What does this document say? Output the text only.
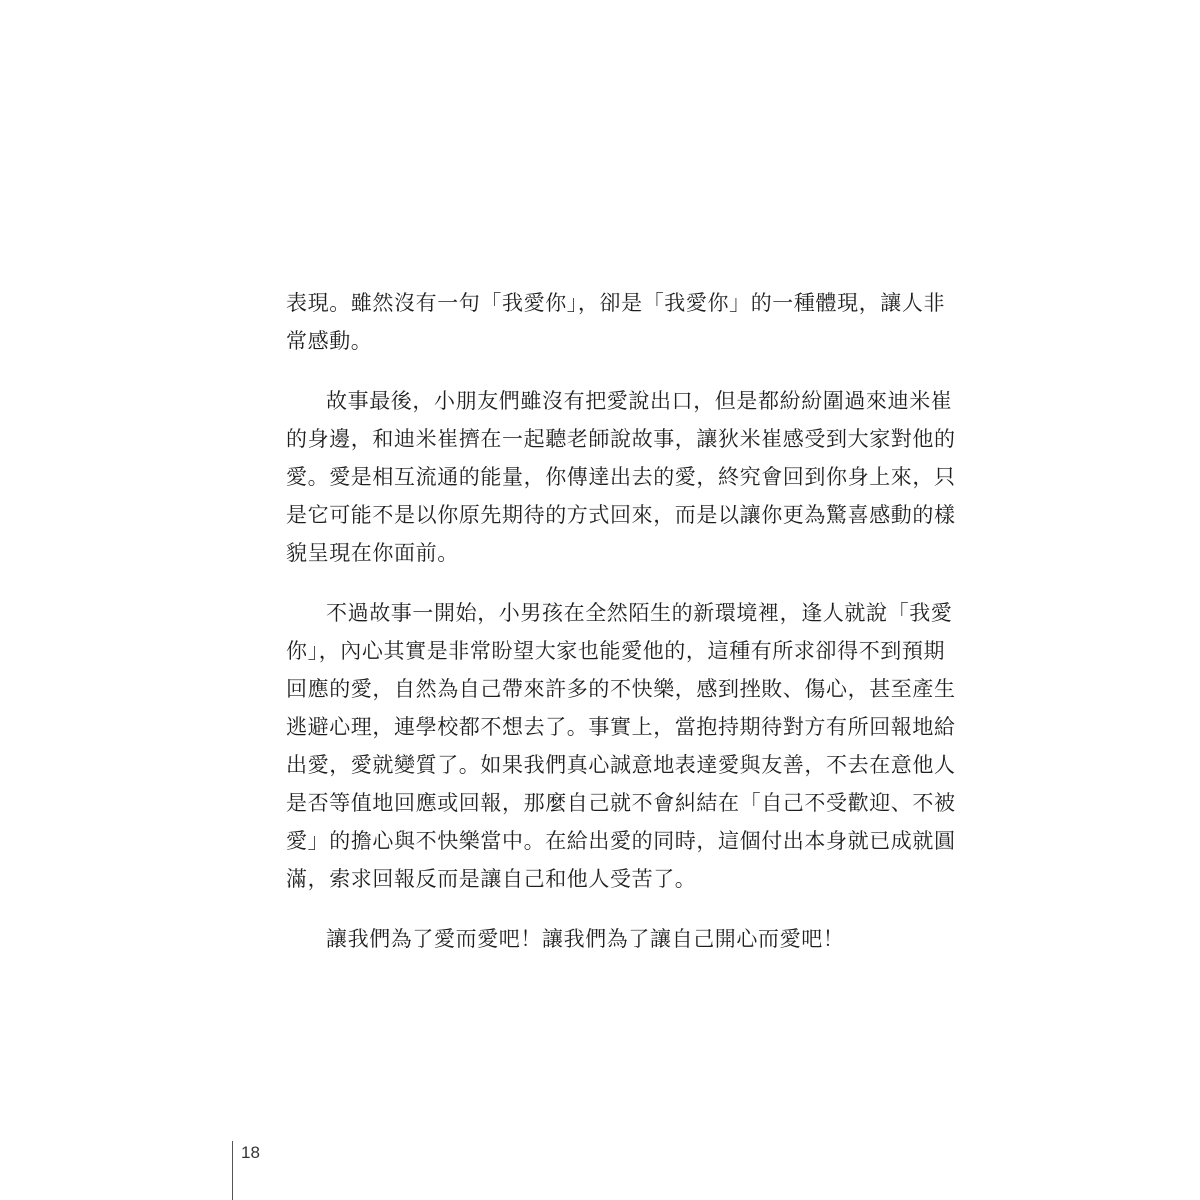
表現。雖然沒有一句「我愛你」，卻是「我愛你」的一種體現，讓人非
常感動。
故事最後，小朋友們雖沒有把愛說出口，但是都紛紛圍過來迪米崔
的身邊，和迪米崔擠在一起聽老師說故事，讓狄米崔感受到大家對他的
愛。愛是相互流通的能量，你傳達出去的愛，終究會回到你身上來，只
是它可能不是以你原先期待的方式回來，而是以讓你更為驚喜感動的樣
貌呈現在你面前。
不過故事一開始，小男孩在全然陌生的新環境裡，逢人就說「我愛
你」，內心其實是非常盼望大家也能愛他的，這種有所求卻得不到預期
回應的愛，自然為自己帶來許多的不快樂，感到挫敗、傷心，甚至產生
逃避心理，連學校都不想去了。事實上，當抱持期待對方有所回報地給
出愛，愛就變質了。如果我們真心誠意地表達愛與友善，不去在意他人
是否等值地回應或回報，那麼自己就不會糾結在「自己不受歡迎、不被
愛」的擔心與不快樂當中。在給出愛的同時，這個付出本身就已成就圓
滿，索求回報反而是讓自己和他人受苦了。
讓我們為了愛而愛吧！讓我們為了讓自己開心而愛吧！
18
